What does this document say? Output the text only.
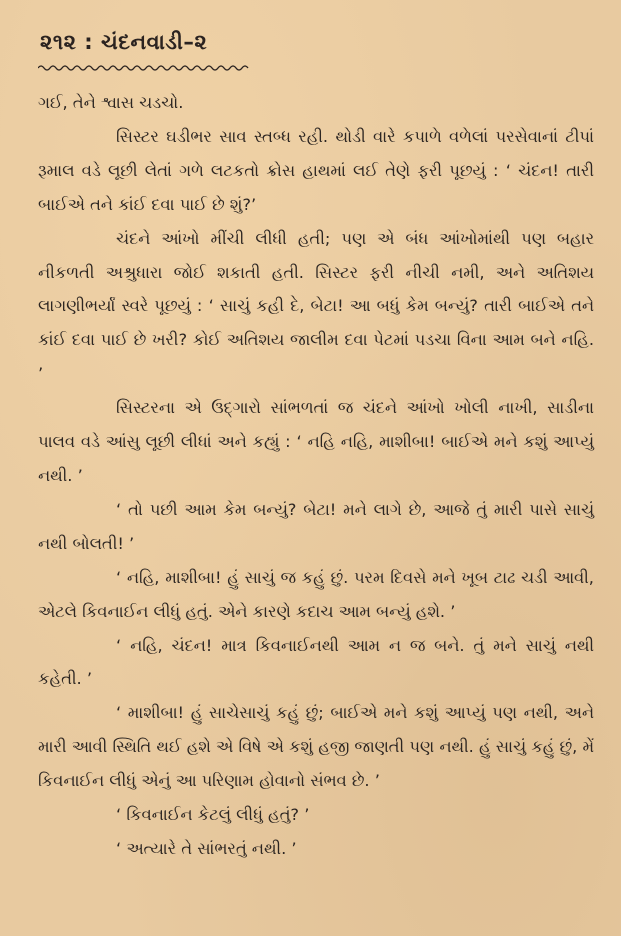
૨૧૨ : ચંદનવાડી–૨

ગઈ, તેને શ્વાસ ચડચો.

સિસ્ટર ઘડીભર સાવ સ્તબ્ધ રહી. થોડી વારે કપાળે વળેલાં પરસેવાનાં ટીપાં રૂમાલ વડે લૂછી લેતાં ગળે લટકતો ક્રોસ હાથમાં લઈ તેણે ફરી પૂછયું : ‘ ચંદન! તારી બાઈએ તને કાંઈ દવા પાઈ છે શું?’

ચંદને આંખો મીંચી લીધી હતી; પણ એ બંધ આંખોમાંથી પણ બહાર નીકળતી અશ્રુધારા જોઈ શકાતી હતી. સિસ્ટર ફરી નીચી નમી, અને અતિશય લાગણીભર્યાં સ્વરે પૂછયું : ‘ સાચું કહી દે, બેટા! આ બધું કેમ બન્યું? તારી બાઈએ તને કાંઈ દવા પાઈ છે ખરી? કોઈ અતિશય જાલીમ દવા પેટમાં પડચા વિના આમ બને નહિ. ’

સિસ્ટરના એ ઉદ્ગારો સાંભળતાં જ ચંદને આંખો ખોલી નાખી, સાડીના પાલવ વડે આંસુ લૂછી લીધાં અને કહ્યું : ‘ નહિ નહિ, માશીબા! બાઈએ મને કશું આપ્યું નથી. ’

‘ તો પછી આમ કેમ બન્યું? બેટા! મને લાગે છે, આજે તું મારી પાસે સાચું નથી બોલતી! ’

‘ નહિ, માશીબા! હું સાચું જ કહું છું. પરમ દિવસે મને ખૂબ ટાઢ ચડી આવી, એટલે કિવનાઈન લીધું હતું. એને કારણે કદાચ આમ બન્યું હશે. ’

‘ નહિ, ચંદન! માત્ર કિવનાઈનથી આમ ન જ બને. તું મને સાચું નથી કહેતી. ’

‘ માશીબા! હું સાચેસાચું કહું છું; બાઈએ મને કશું આપ્યું પણ નથી, અને મારી આવી સ્થિતિ થઈ હશે એ વિષે એ કશું હજી જાણતી પણ નથી. હું સાચું કહું છું, મેં કિવનાઈન લીધું એનું આ પરિણામ હોવાનો સંભવ છે. ’

‘ કિવનાઈન કેટલું લીધું હતું? ’

‘ અત્યારે તે સાંભરતું નથી. ’
